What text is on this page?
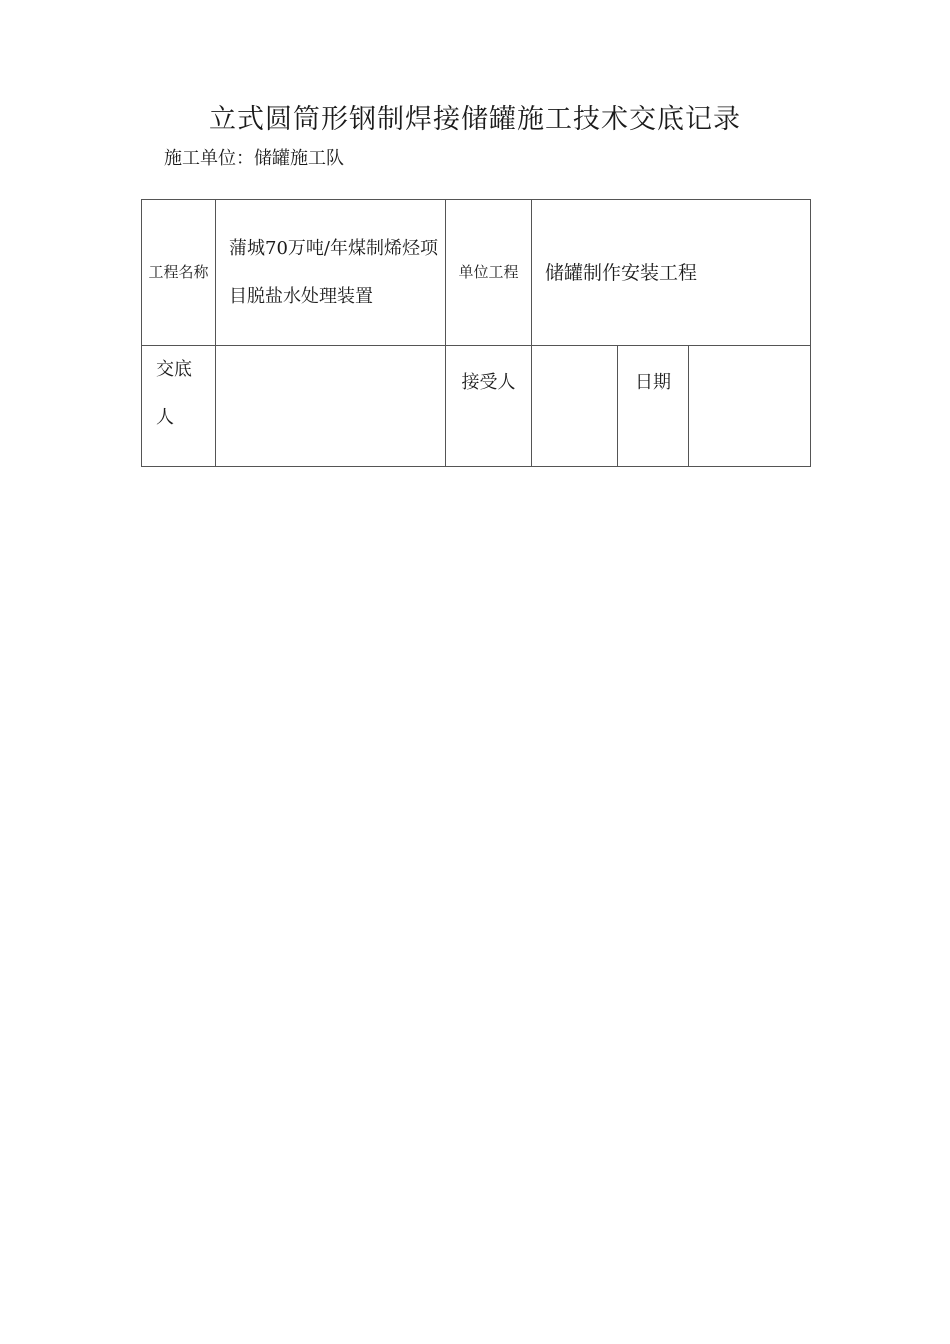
立式圆筒形钢制焊接储罐施工技术交底记录
施工单位：储罐施工队
工程名称	蒲城70万吨/年煤制烯烃项目脱盐水处理装置	单位工程	储罐制作安装工程		
交底人		接受人		日期	
